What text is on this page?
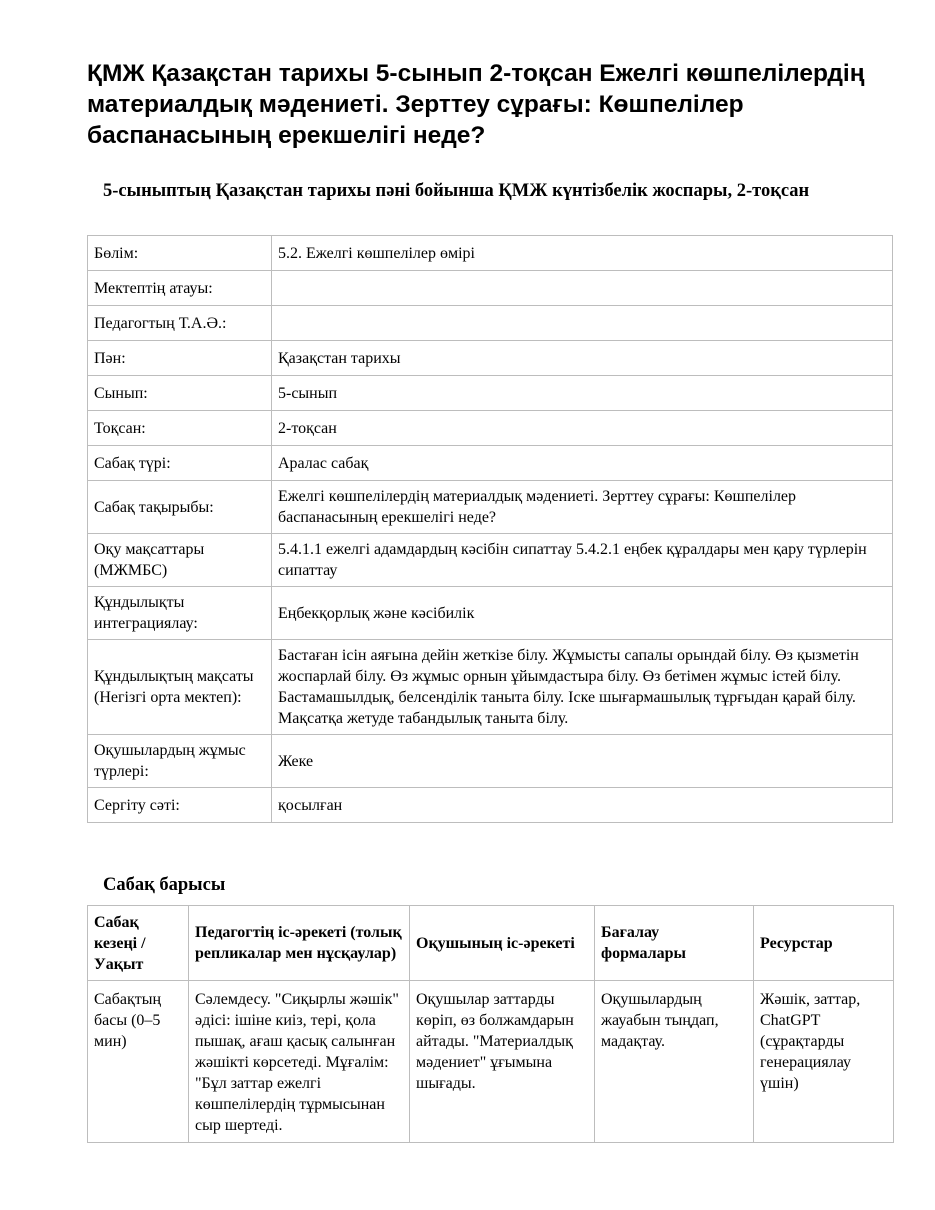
ҚМЖ Қазақстан тарихы 5-сынып 2-тоқсан Ежелгі көшпелілердің материалдық мәдениеті. Зерттеу сұрағы: Көшпелілер баспанасының ерекшелігі неде?
5-сыныптың Қазақстан тарихы пәні бойынша ҚМЖ күнтізбелік жоспары, 2-тоқсан
Бөлім:	5.2. Ежелгі көшпелілер өмірі
Мектептің атауы:	
Педагогтың Т.А.Ә.:	
Пән:	Қазақстан тарихы
Сынып:	5-сынып
Тоқсан:	2-тоқсан
Сабақ түрі:	Аралас сабақ
Сабақ тақырыбы:	Ежелгі көшпелілердің материалдық мәдениеті. Зерттеу сұрағы: Көшпелілер баспанасының ерекшелігі неде?
Оқу мақсаттары (МЖМБС)	5.4.1.1 ежелгі адамдардың кәсібін сипаттау 5.4.2.1 еңбек құралдары мен қару түрлерін сипаттау
Құндылықты интеграциялау:	Еңбекқорлық және кәсібилік
Құндылықтың мақсаты (Негізгі орта мектеп):	Бастаған ісін аяғына дейін жеткізе білу. Жұмысты сапалы орындай білу. Өз қызметін жоспарлай білу. Өз жұмыс орнын ұйымдастыра білу. Өз бетімен жұмыс істей білу. Бастамашылдық, белсенділік таныта білу. Іске шығармашылық тұрғыдан қарай білу. Мақсатқа жетуде табандылық таныта білу.
Оқушылардың жұмыс түрлері:	Жеке
Сергіту сәті:	қосылған
Сабақ барысы
Сабақ кезеңі / Уақыт	Педагогтің іс-әрекеті (толық репликалар мен нұсқаулар)	Оқушының іс-әрекеті	Бағалау формалары	Ресурстар
Сабақтың басы (0–5 мин)	Сәлемдесу. "Сиқырлы жәшік" әдісі: ішіне киіз, тері, қола пышақ, ағаш қасық салынған жәшікті көрсетеді. Мұғалім: "Бұл заттар ежелгі көшпелілердің тұрмысынан сыр шертеді.	Оқушылар заттарды көріп, өз болжамдарын айтады. "Материалдық мәдениет" ұғымына шығады.	Оқушылардың жауабын тыңдап, мадақтау.	Жәшік, заттар, ChatGPT (сұрақтарды генерациялау үшін)
